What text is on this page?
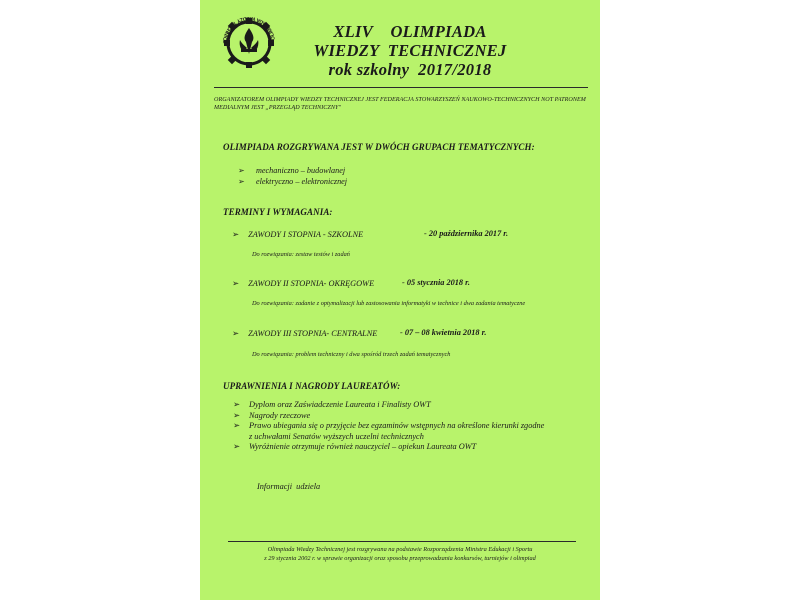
OLIMPIADA WIEDZY TECHNICZ
XLIV    OLIMPIADA
WIEDZY  TECHNICZNEJ
rok szkolny  2017/2018
ORGANIZATOREM OLIMPIADY WIEDZY TECHNICZNEJ JEST FEDERACJA STOWARZYSZEŃ NAUKOWO-TECHNICZNYCH NOT PATRONEM MEDIALNYM JEST „PRZEGLĄD TECHNICZNY"
OLIMPIADA ROZGRYWANA JEST W DWÓCH GRUPACH TEMATYCZNYCH:
➢	mechaniczno – budowlanej
➢	elektryczno – elektronicznej
TERMINY I WYMAGANIA:
➢ ZAWODY I STOPNIA - SZKOLNE	- 20 października 2017 r.
Do rozwiązania: zestaw testów i zadań
➢ ZAWODY II STOPNIA- OKRĘGOWE	- 05 stycznia 2018 r.
Do rozwiązania: zadanie z optymalizacji lub zastosowania informatyki w technice i dwa zadania tematyczne
➢ ZAWODY III STOPNIA- CENTRALNE	- 07 – 08 kwietnia 2018 r.
Do rozwiązania: problem techniczny i dwa spośród trzech zadań tematycznych
UPRAWNIENIA I NAGRODY LAUREATÓW:
➢	Dyplom oraz Zaświadczenie Laureata i Finalisty OWT
➢	Nagrody rzeczowe
➢	Prawo ubiegania się o przyjęcie bez egzaminów wstępnych na określone kierunki zgodne z uchwałami Senatów wyższych uczelni technicznych
➢	Wyróżnienie otrzymuje również nauczyciel – opiekun Laureata OWT
Informacji  udziela
Olimpiada Wiedzy Technicznej jest rozgrywana na podstawie Rozporządzenia Ministra Edukacji i Sportu
z 29 stycznia 2002 r. w sprawie organizacji oraz sposobu przeprowadzania konkursów, turniejów i olimpiad
